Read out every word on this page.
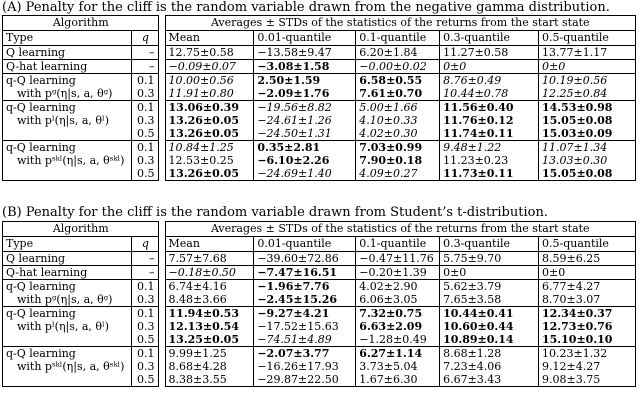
(A) Penalty for the cliff is the random variable drawn from the negative gamma distribution.
Algorithm			Averages ± STDs of the statistics of the returns from the start state				
Type	q		Mean	0.01-quantile	0.1-quantile	0.3-quantile	0.5-quantile
Q learning	–		12.75±0.58	−13.58±9.47	6.20±1.84	11.27±0.58	13.77±1.17
Q-hat learning	–		−0.09±0.07	−3.08±1.58	−0.00±0.02	0±0	0±0
q-Q learning	0.1		10.00±0.56	2.50±1.59	6.58±0.55	8.76±0.49	10.19±0.56
with pᵍ(η|s, a, θᵍ)	0.3		11.91±0.80	−2.09±1.76	7.61±0.70	10.44±0.78	12.25±0.84
q-Q learning	0.1		13.06±0.39	−19.56±8.82	5.00±1.66	11.56±0.40	14.53±0.98
with pˡ(η|s, a, θˡ)	0.3		13.26±0.05	−24.61±1.26	4.10±0.33	11.76±0.12	15.05±0.08
	0.5		13.26±0.05	−24.50±1.31	4.02±0.30	11.74±0.11	15.03±0.09
q-Q learning	0.1		10.84±1.25	0.35±2.81	7.03±0.99	9.48±1.22	11.07±1.34
with pˢᵏˡ(η|s, a, θˢᵏˡ)	0.3		12.53±0.25	−6.10±2.26	7.90±0.18	11.23±0.23	13.03±0.30
	0.5		13.26±0.05	−24.69±1.40	4.09±0.27	11.73±0.11	15.05±0.08
(B) Penalty for the cliff is the random variable drawn from Student’s t-distribution.
Algorithm			Averages ± STDs of the statistics of the returns from the start state				
Type	q		Mean	0.01-quantile	0.1-quantile	0.3-quantile	0.5-quantile
Q learning	–		7.57±7.68	−39.60±72.86	−0.47±11.76	5.75±9.70	8.59±6.25
Q-hat learning	–		−0.18±0.50	−7.47±16.51	−0.20±1.39	0±0	0±0
q-Q learning	0.1		6.74±4.16	−1.96±7.76	4.02±2.90	5.62±3.79	6.77±4.27
with pᵍ(η|s, a, θᵍ)	0.3		8.48±3.66	−2.45±15.26	6.06±3.05	7.65±3.58	8.70±3.07
q-Q learning	0.1		11.94±0.53	−9.27±4.21	7.32±0.75	10.44±0.41	12.34±0.37
with pˡ(η|s, a, θˡ)	0.3		12.13±0.54	−17.52±15.63	6.63±2.09	10.60±0.44	12.73±0.76
	0.5		13.25±0.05	−74.51±4.89	−1.28±0.49	10.89±0.14	15.10±0.10
q-Q learning	0.1		9.99±1.25	−2.07±3.77	6.27±1.14	8.68±1.28	10.23±1.32
with pˢᵏˡ(η|s, a, θˢᵏˡ)	0.3		8.68±4.28	−16.26±17.93	3.73±5.04	7.23±4.06	9.12±4.27
	0.5		8.38±3.55	−29.87±22.50	1.67±6.30	6.67±3.43	9.08±3.75
